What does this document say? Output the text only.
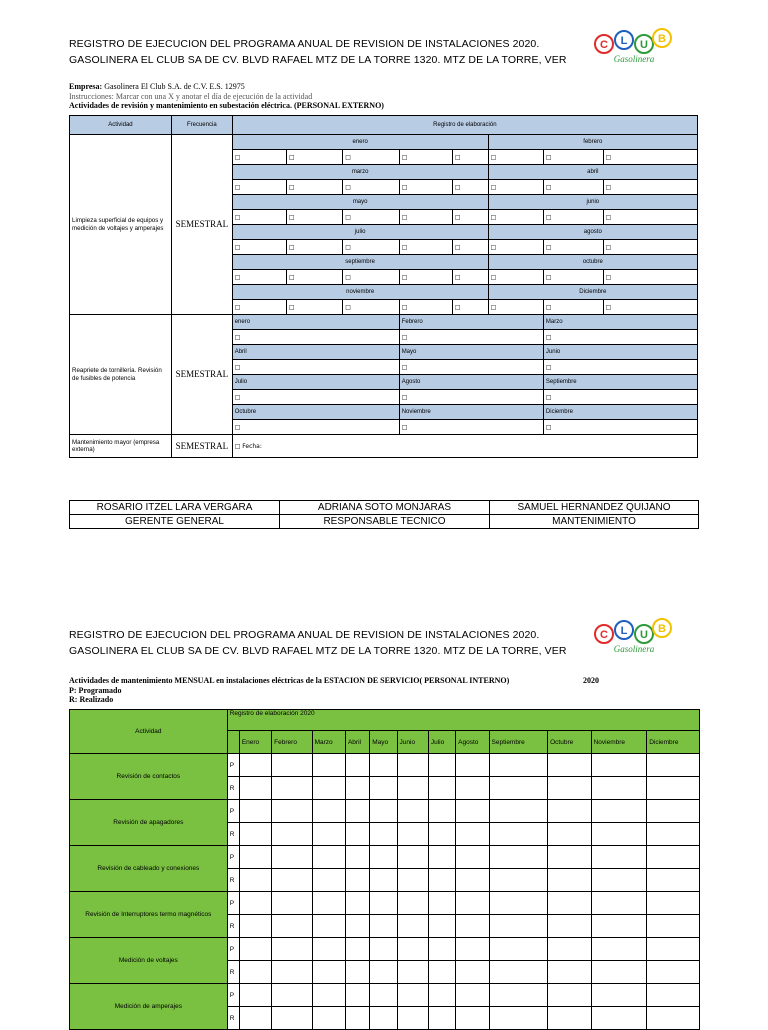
REGISTRO DE EJECUCION DEL PROGRAMA ANUAL DE REVISION DE INSTALACIONES 2020.
GASOLINERA EL CLUB SA DE CV. BLVD RAFAEL MTZ DE LA TORRE 1320. MTZ DE LA TORRE, VER
C L U B
Gasolinera
Empresa: Gasolinera El Club S.A. de C.V. E.S. 12975
Instrucciones: Marcar con una X y anotar el día de ejecución de la actividad
Actividades de revisión y mantenimiento en subestación eléctrica. (PERSONAL EXTERNO)
Actividad	Frecuencia	Registro de elaboración							
Limpieza superficial de equipos y medición de voltajes y amperajes	SEMESTRAL	enero					febrero		
		□	□	□	□	□	□	□	□
		marzo					abril		
		□	□	□	□	□	□	□	□
		mayo					junio		
		□	□	□	□	□	□	□	□
		julio					agosto		
		□	□	□	□	□	□	□	□
		septiembre					octubre		
		□	□	□	□	□	□	□	□
		noviembre					Diciembre		
		□	□	□	□	□	□	□	□
Reapriete de tornillería. Revisión de fusibles de potencia	SEMESTRAL	enero			Febrero			Marzo	
		□			□			□	
		Abril			Mayo			Junio	
		□			□			□	
		Julio			Agosto			Septiembre	
		□			□			□	
		Octubre			Noviembre			Diciembre	
		□			□			□	
Mantenimiento mayor (empresa externa)	SEMESTRAL	□ Fecha:							
ROSARIO ITZEL LARA VERGARA	ADRIANA SOTO MONJARAS	SAMUEL HERNANDEZ QUIJANO
GERENTE GENERAL	RESPONSABLE TECNICO	MANTENIMIENTO
REGISTRO DE EJECUCION DEL PROGRAMA ANUAL DE REVISION DE INSTALACIONES 2020.
GASOLINERA EL CLUB SA DE CV. BLVD RAFAEL MTZ DE LA TORRE 1320. MTZ DE LA TORRE, VER
C L U B
Gasolinera
Actividades de mantenimiento MENSUAL en instalaciones eléctricas de la ESTACION DE SERVICIO( PERSONAL INTERNO)	2020
P: Programado
R: Realizado
Actividad	Registro de elaboración 2020												
		Enero	Febrero	Marzo	Abril	Mayo	Junio	Julio	Agosto	Septiembre	Octubre	Noviembre	Diciembre
Revisión de contactos	P												
	R												
Revisión de apagadores	P												
	R												
Revisión de cableado y conexiones	P												
	R												
Revisión de Interruptores termo magnéticos	P												
	R												
Medición de voltajes	P												
	R												
Medición de amperajes	P												
	R												
